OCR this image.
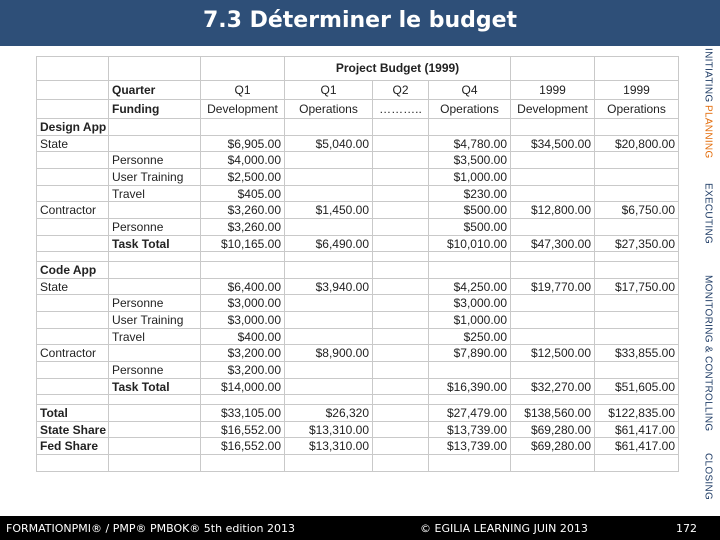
7.3 Déterminer le budget
INITIATING
PLANNING
EXECUTING
MONITORING & CONTROLLING
CLOSING
			Project Budget (1999)				
	Quarter	Q1	Q1	Q2	Q4	1999	1999
	Funding	Development	Operations	………..	Operations	Development	Operations
Design App							
State		$6,905.00	$5,040.00		$4,780.00	$34,500.00	$20,800.00
	Personne	$4,000.00			$3,500.00		
	User Training	$2,500.00			$1,000.00		
	Travel	$405.00			$230.00		
Contractor		$3,260.00	$1,450.00		$500.00	$12,800.00	$6,750.00
	Personne	$3,260.00			$500.00		
	Task Total	$10,165.00	$6,490.00		$10,010.00	$47,300.00	$27,350.00

Code App							
State		$6,400.00	$3,940.00		$4,250.00	$19,770.00	$17,750.00
	Personne	$3,000.00			$3,000.00		
	User Training	$3,000.00			$1,000.00		
	Travel	$400.00			$250.00		
Contractor		$3,200.00	$8,900.00		$7,890.00	$12,500.00	$33,855.00
	Personne	$3,200.00					
	Task Total	$14,000.00			$16,390.00	$32,270.00	$51,605.00

Total		$33,105.00	$26,320		$27,479.00	$138,560.00	$122,835.00
State Share		$16,552.00	$13,310.00		$13,739.00	$69,280.00	$61,417.00
Fed Share		$16,552.00	$13,310.00		$13,739.00	$69,280.00	$61,417.00

FORMATIONPMI® / PMP® PMBOK® 5th edition 2013	© EGILIA LEARNING JUIN 2013	172
